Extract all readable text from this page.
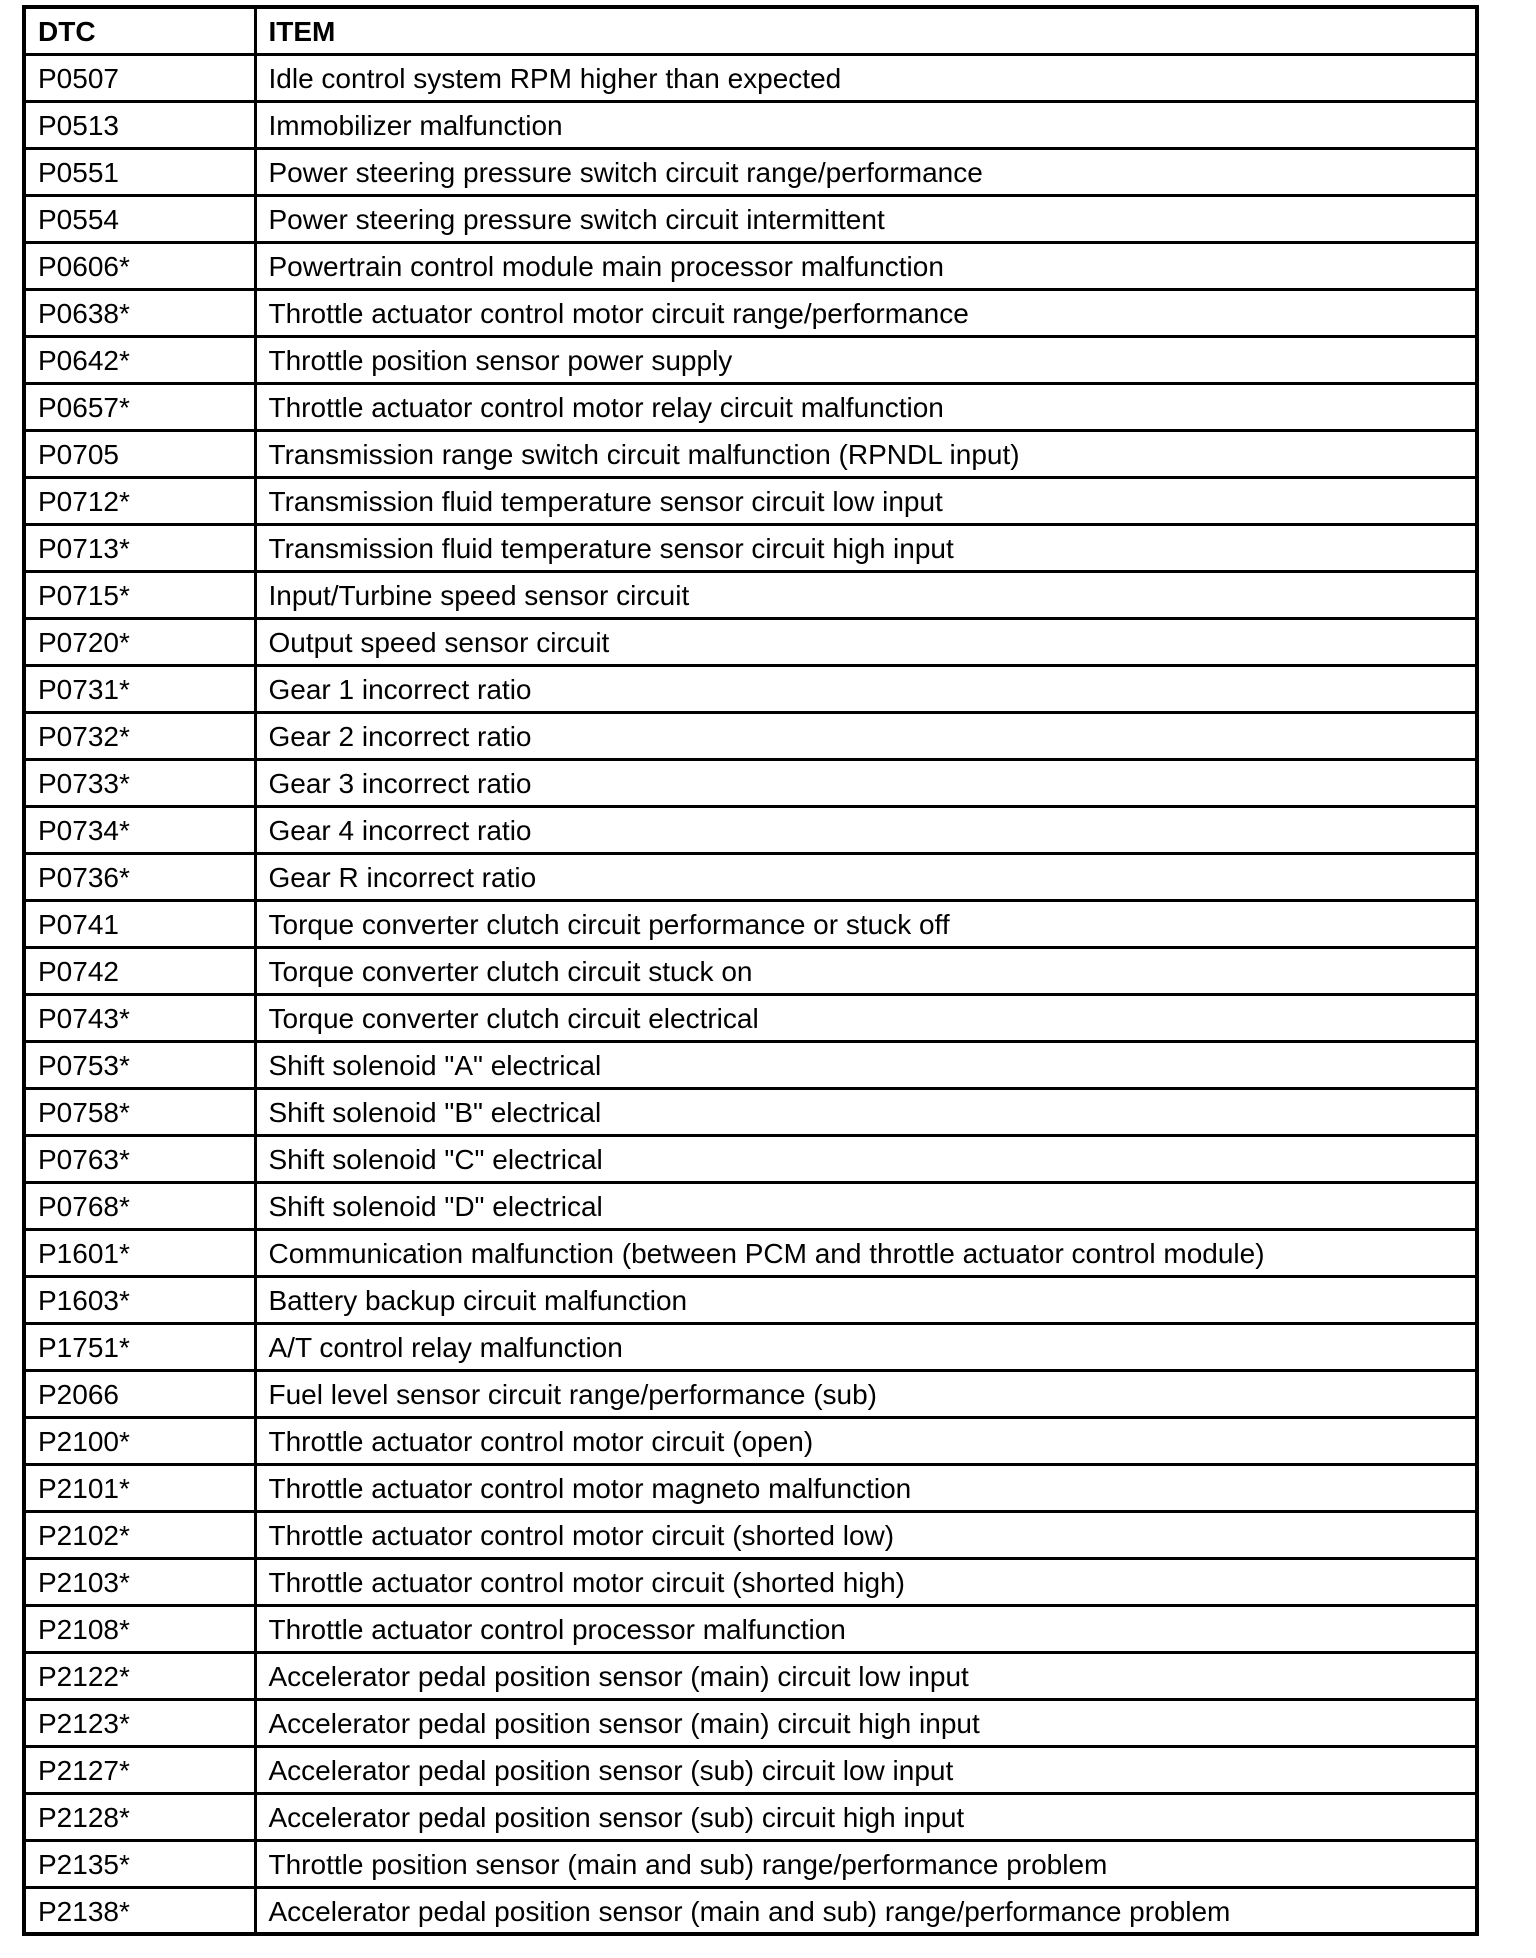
DTC	ITEM
P0507	Idle control system RPM higher than expected
P0513	Immobilizer malfunction
P0551	Power steering pressure switch circuit range/performance
P0554	Power steering pressure switch circuit intermittent
P0606*	Powertrain control module main processor malfunction
P0638*	Throttle actuator control motor circuit range/performance
P0642*	Throttle position sensor power supply
P0657*	Throttle actuator control motor relay circuit malfunction
P0705	Transmission range switch circuit malfunction (RPNDL input)
P0712*	Transmission fluid temperature sensor circuit low input
P0713*	Transmission fluid temperature sensor circuit high input
P0715*	Input/Turbine speed sensor circuit
P0720*	Output speed sensor circuit
P0731*	Gear 1 incorrect ratio
P0732*	Gear 2 incorrect ratio
P0733*	Gear 3 incorrect ratio
P0734*	Gear 4 incorrect ratio
P0736*	Gear R incorrect ratio
P0741	Torque converter clutch circuit performance or stuck off
P0742	Torque converter clutch circuit stuck on
P0743*	Torque converter clutch circuit electrical
P0753*	Shift solenoid "A" electrical
P0758*	Shift solenoid "B" electrical
P0763*	Shift solenoid "C" electrical
P0768*	Shift solenoid "D" electrical
P1601*	Communication malfunction (between PCM and throttle actuator control module)
P1603*	Battery backup circuit malfunction
P1751*	A/T control relay malfunction
P2066	Fuel level sensor circuit range/performance (sub)
P2100*	Throttle actuator control motor circuit (open)
P2101*	Throttle actuator control motor magneto malfunction
P2102*	Throttle actuator control motor circuit (shorted low)
P2103*	Throttle actuator control motor circuit (shorted high)
P2108*	Throttle actuator control processor malfunction
P2122*	Accelerator pedal position sensor (main) circuit low input
P2123*	Accelerator pedal position sensor (main) circuit high input
P2127*	Accelerator pedal position sensor (sub) circuit low input
P2128*	Accelerator pedal position sensor (sub) circuit high input
P2135*	Throttle position sensor (main and sub) range/performance problem
P2138*	Accelerator pedal position sensor (main and sub) range/performance problem
